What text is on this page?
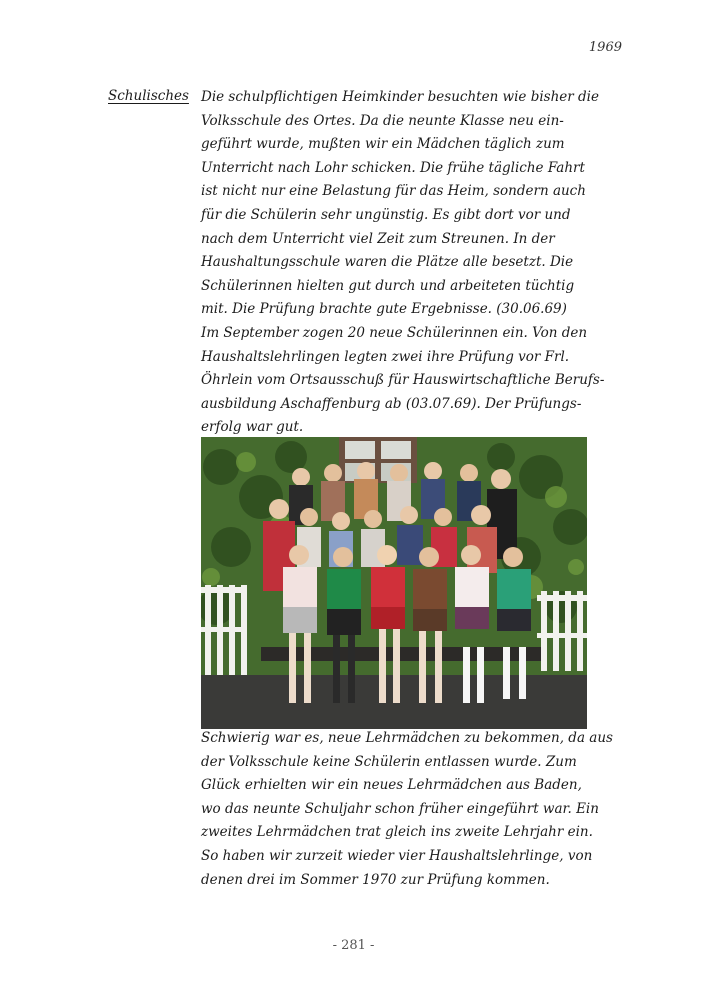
1969
Schulisches Die schulpflichtigen Heimkinder besuchten wie bisher die
Volksschule des Ortes. Da die neunte Klasse neu ein-
geführt wurde, mußten wir ein Mädchen täglich zum
Unterricht nach Lohr schicken. Die frühe tägliche Fahrt
ist nicht nur eine Belastung für das Heim, sondern auch
für die Schülerin sehr ungünstig. Es gibt dort vor und
nach dem Unterricht viel Zeit zum Streunen. In der
Haushaltungsschule waren die Plätze alle besetzt. Die
Schülerinnen hielten gut durch und arbeiteten tüchtig
mit. Die Prüfung brachte gute Ergebnisse. (30.06.69)
Im September zogen 20 neue Schülerinnen ein. Von den
Haushaltslehrlingen legten zwei ihre Prüfung vor Frl.
Öhrlein vom Ortsausschuß für Hauswirtschaftliche Berufs-
ausbildung Aschaffenburg ab (03.07.69). Der Prüfungs-
erfolg war gut.
Schwierig war es, neue Lehrmädchen zu bekommen, da aus
der Volksschule keine Schülerin entlassen wurde. Zum
Glück erhielten wir ein neues Lehrmädchen aus Baden,
wo das neunte Schuljahr schon früher eingeführt war. Ein
zweites Lehrmädchen trat gleich ins zweite Lehrjahr ein.
So haben wir zurzeit wieder vier Haushaltslehrlinge, von
denen drei im Sommer 1970 zur Prüfung kommen.
- 281 -
